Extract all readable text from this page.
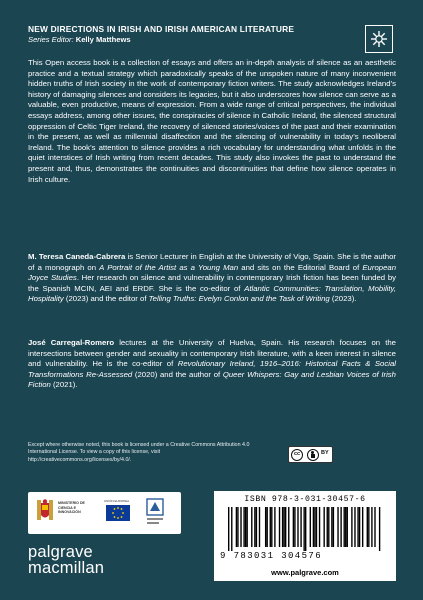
NEW DIRECTIONS IN IRISH AND IRISH AMERICAN LITERATURE
Series Editor: Kelly Matthews
This Open access book is a collection of essays and offers an in-depth analysis of silence as an aesthetic practice and a textual strategy which paradoxically speaks of the unspoken nature of many inconvenient hidden truths of Irish society in the work of contemporary fiction writers. The study acknowledges Ireland’s history of damaging silences and considers its legacies, but it also underscores how silence can serve as a valuable, even productive, means of expression. From a wide range of critical perspectives, the individual essays address, among other issues, the conspiracies of silence in Catholic Ireland, the silenced structural oppression of Celtic Tiger Ireland, the recovery of silenced stories/voices of the past and their examination in the present, as well as millennial disaffection and the silencing of vulnerability in today’s neoliberal Ireland. The book’s attention to silence provides a rich vocabulary for understanding what unfolds in the quiet interstices of Irish writing from recent decades. This study also invokes the past to understand the present and, thus, demonstrates the continuities and discontinuities that define how silence operates in Irish culture.
M. Teresa Caneda-Cabrera is Senior Lecturer in English at the University of Vigo, Spain. She is the author of a monograph on A Portrait of the Artist as a Young Man and sits on the Editorial Board of European Joyce Studies. Her research on silence and vulnerability in contemporary Irish fiction has been funded by the Spanish MCIN, AEI and ERDF. She is the co-editor of Atlantic Communities: Translation, Mobility, Hospitality (2023) and the editor of Telling Truths: Evelyn Conlon and the Task of Writing (2023).
José Carregal-Romero lectures at the University of Huelva, Spain. His research focuses on the intersections between gender and sexuality in contemporary Irish literature, with a keen interest in silence and vulnerability. He is the co-editor of Revolutionary Ireland, 1916–2016: Historical Facts & Social Transformations Re-Assessed (2020) and the author of Queer Whispers: Gay and Lesbian Voices of Irish Fiction (2021).
Except where otherwise noted, this book is licensed under a Creative Commons Attribution 4.0 International License. To view a copy of this license, visit http://creativecommons.org/licenses/by/4.0/.
cc	BY
MINISTERIO DE CIENCIA E INNOVACIÓN
UNIÓN EUROPEA	ISBN 978-3-031-30457-6
9 783031 304576
www.palgrave.com
palgrave
macmillan
